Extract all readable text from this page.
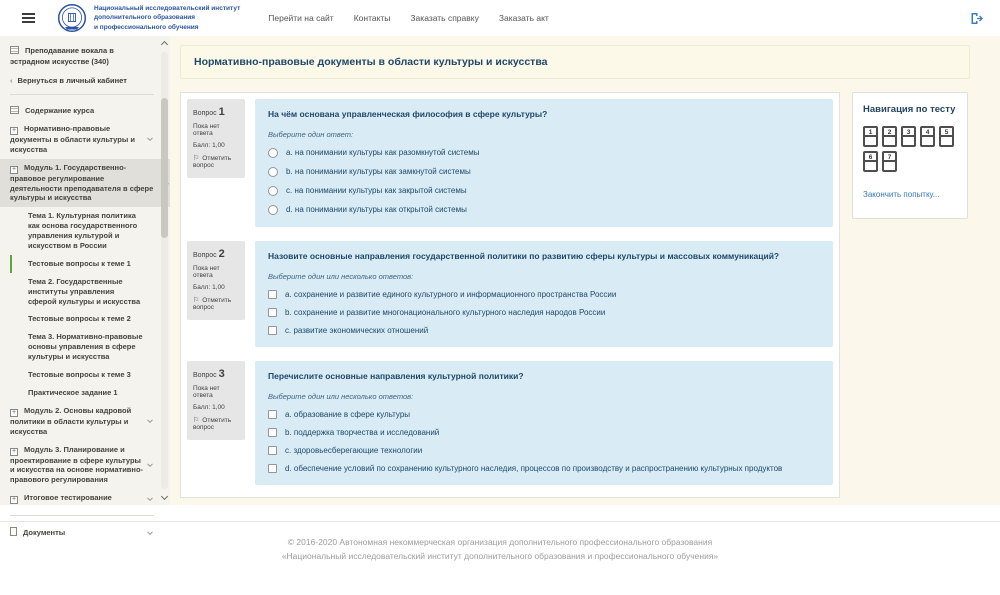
Национальный исследовательский институт
дополнительного образования
и профессионального обучения
Перейти на сайт Контакты Заказать справку Заказать акт
Преподавание вокала в эстрадном искусстве (340)
‹ Вернуться в личный кабинет
Содержание курса
+ Нормативно-правовые документы в области культуры и искусства
+ Модуль 1. Государственно-правовое регулирование деятельности преподавателя в сфере культуры и искусства
Тема 1. Культурная политика как основа государственного управления культурой и искусством в России
Тестовые вопросы к теме 1
Тема 2. Государственные институты управления сферой культуры и искусства
Тестовые вопросы к теме 2
Тема 3. Нормативно-правовые основы управления в сфере культуры и искусства
Тестовые вопросы к теме 3
Практическое задание 1
+ Модуль 2. Основы кадровой политики в области культуры и искусства
+ Модуль 3. Планирование и проектирование в сфере культуры и искусства на основе нормативно-правового регулирования
+ Итоговое тестирование
Документы
Нормативно-правовые документы в области культуры и искусства
Вопрос 1
Пока нет ответа
Балл: 1,00
⚐ Отметить вопрос
На чём основана управленческая философия в сфере культуры?
Выберите один ответ:
a. на понимании культуры как разомкнутой системы
b. на понимании культуры как замкнутой системы
c. на понимании культуры как закрытой системы
d. на понимании культуры как открытой системы
Вопрос 2
Пока нет ответа
Балл: 1,00
⚐ Отметить вопрос
Назовите основные направления государственной политики по развитию сферы культуры и массовых коммуникаций?
Выберите один или несколько ответов:
a. сохранение и развитие единого культурного и информационного пространства России
b. сохранение и развитие многонационального культурного наследия народов России
c. развитие экономических отношений
Вопрос 3
Пока нет ответа
Балл: 1,00
⚐ Отметить вопрос
Перечислите основные направления культурной политики?
Выберите один или несколько ответов:
a. образование в сфере культуры
b. поддержка творчества и исследований
c. здоровьесберегающие технологии
d. обеспечение условий по сохранению культурного наследия, процессов по производству и распространению культурных продуктов
Навигация по тесту
1	2	3	4	5
6	7
Закончить попытку...
© 2016-2020 Автономная некоммерческая организация дополнительного профессионального образования
«Национальный исследовательский институт дополнительного образования и профессионального обучения»
